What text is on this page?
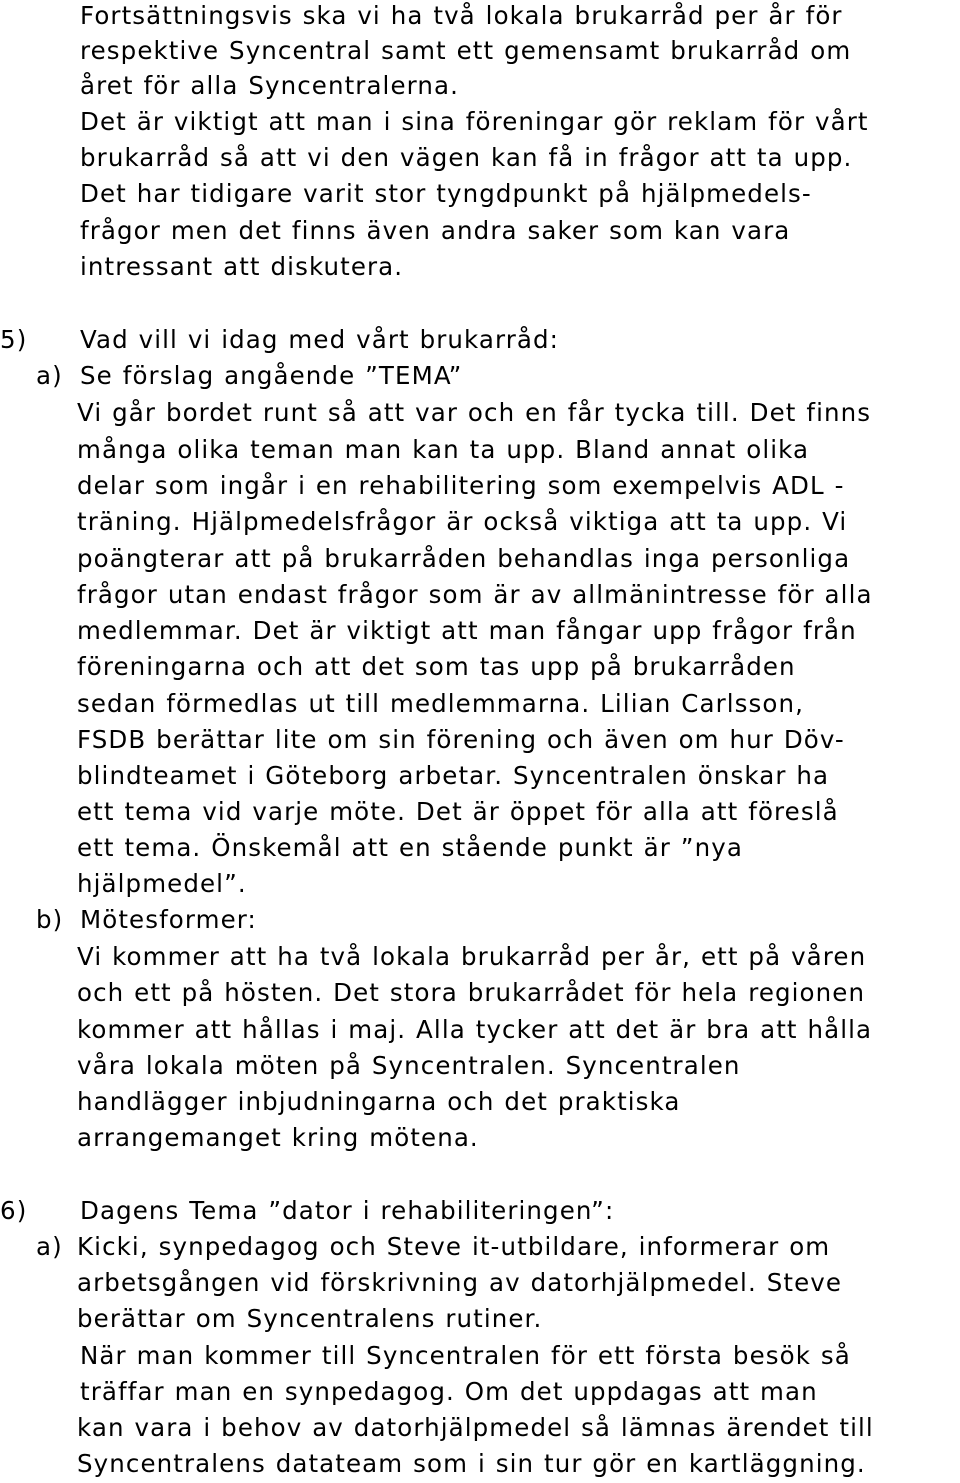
Fortsättningsvis ska vi ha två lokala brukarråd per år för
respektive Syncentral samt ett gemensamt brukarråd om
året för alla Syncentralerna.
Det är viktigt att man i sina föreningar gör reklam för vårt
brukarråd så att vi den vägen kan få in frågor att ta upp.
Det har tidigare varit stor tyngdpunkt på hjälpmedels-
frågor men det finns även andra saker som kan vara
intressant att diskutera.
5) Vad vill vi idag med vårt brukarråd:
a) Se förslag angående ”TEMA”
Vi går bordet runt så att var och en får tycka till. Det finns
många olika teman man kan ta upp. Bland annat olika
delar som ingår i en rehabilitering som exempelvis ADL -
träning. Hjälpmedelsfrågor är också viktiga att ta upp. Vi
poängterar att på brukarråden behandlas inga personliga
frågor utan endast frågor som är av allmänintresse för alla
medlemmar. Det är viktigt att man fångar upp frågor från
föreningarna och att det som tas upp på brukarråden
sedan förmedlas ut till medlemmarna. Lilian Carlsson,
FSDB berättar lite om sin förening och även om hur Döv-
blindteamet i Göteborg arbetar. Syncentralen önskar ha
ett tema vid varje möte. Det är öppet för alla att föreslå
ett tema. Önskemål att en stående punkt är ”nya
hjälpmedel”.
b) Mötesformer:
Vi kommer att ha två lokala brukarråd per år, ett på våren
och ett på hösten. Det stora brukarrådet för hela regionen
kommer att hållas i maj. Alla tycker att det är bra att hålla
våra lokala möten på Syncentralen. Syncentralen
handlägger inbjudningarna och det praktiska
arrangemanget kring mötena.
6) Dagens Tema ”dator i rehabiliteringen”:
a) Kicki, synpedagog och Steve it-utbildare, informerar om
arbetsgången vid förskrivning av datorhjälpmedel. Steve
berättar om Syncentralens rutiner.
När man kommer till Syncentralen för ett första besök så
träffar man en synpedagog. Om det uppdagas att man
kan vara i behov av datorhjälpmedel så lämnas ärendet till
Syncentralens datateam som i sin tur gör en kartläggning.
